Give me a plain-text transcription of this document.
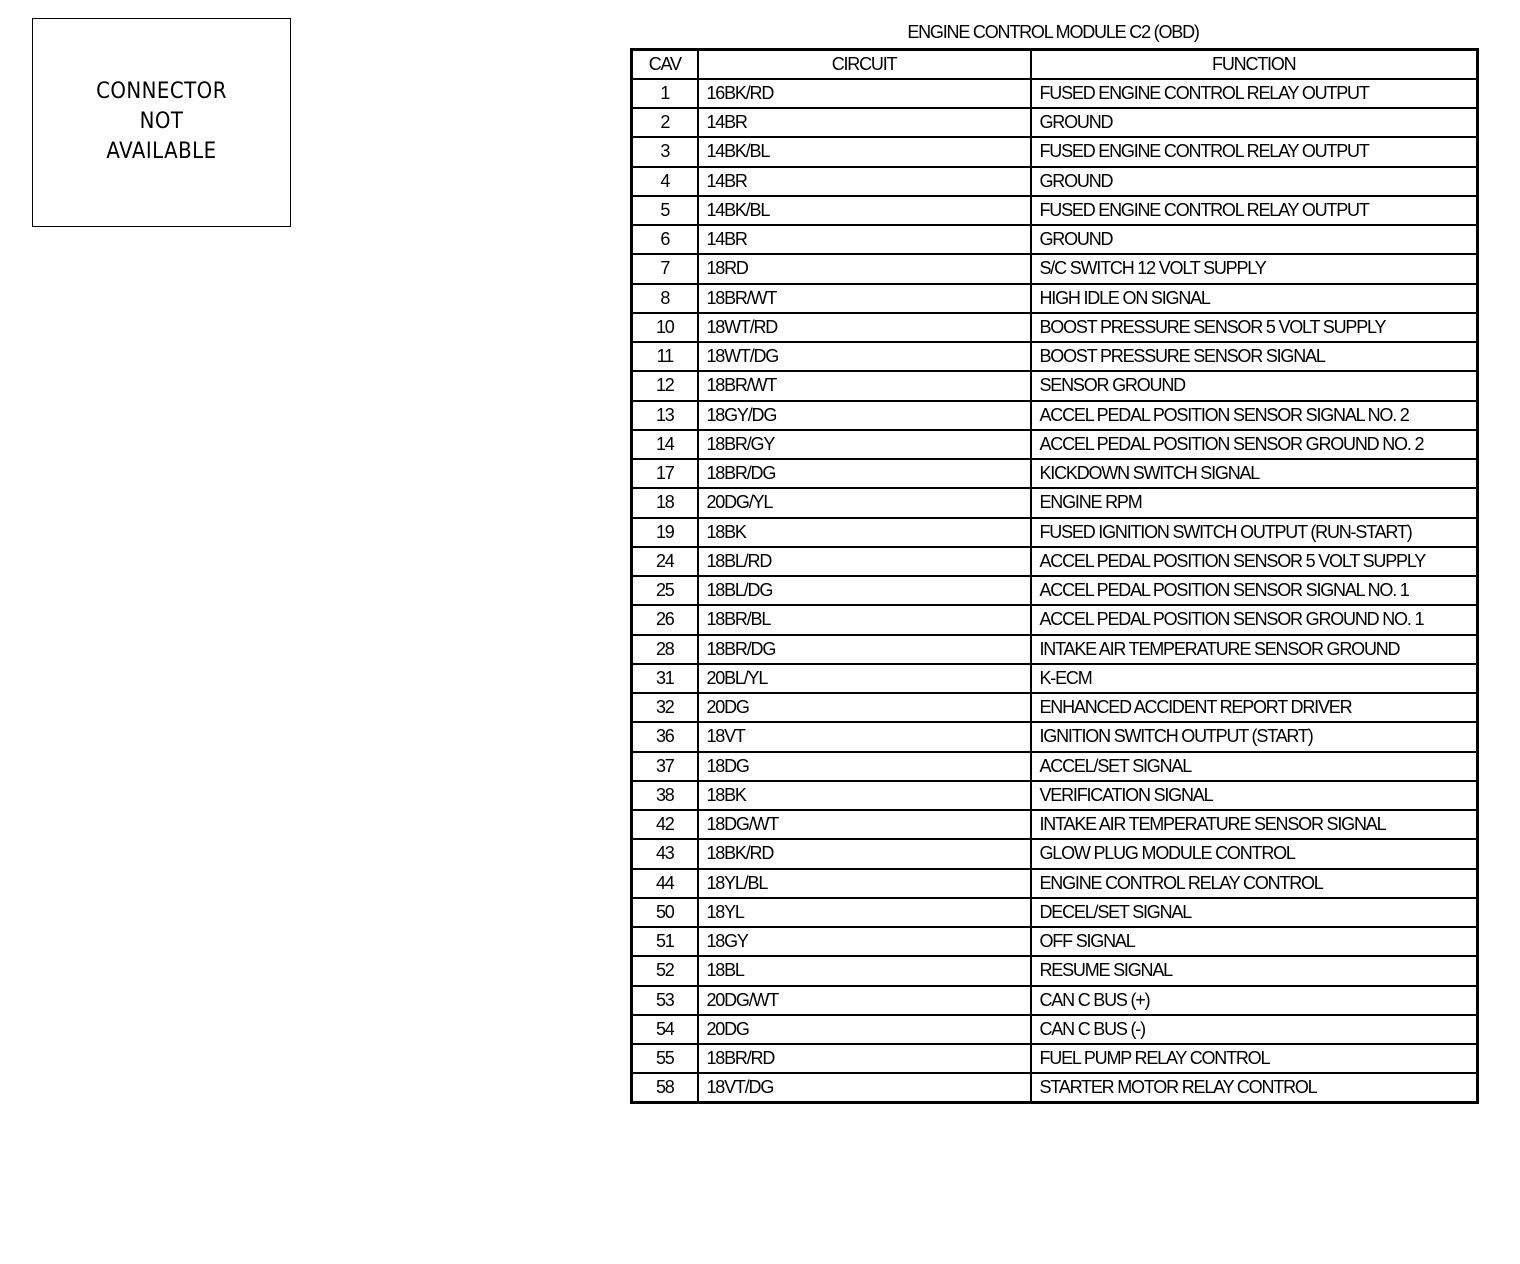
CONNECTOR
NOT
AVAILABLE
ENGINE CONTROL MODULE C2 (OBD)
CAV	CIRCUIT	FUNCTION
1	16BK/RD	FUSED ENGINE CONTROL RELAY OUTPUT
2	14BR	GROUND
3	14BK/BL	FUSED ENGINE CONTROL RELAY OUTPUT
4	14BR	GROUND
5	14BK/BL	FUSED ENGINE CONTROL RELAY OUTPUT
6	14BR	GROUND
7	18RD	S/C SWITCH 12 VOLT SUPPLY
8	18BR/WT	HIGH IDLE ON SIGNAL
10	18WT/RD	BOOST PRESSURE SENSOR 5 VOLT SUPPLY
11	18WT/DG	BOOST PRESSURE SENSOR SIGNAL
12	18BR/WT	SENSOR GROUND
13	18GY/DG	ACCEL PEDAL POSITION SENSOR SIGNAL NO. 2
14	18BR/GY	ACCEL PEDAL POSITION SENSOR GROUND NO. 2
17	18BR/DG	KICKDOWN SWITCH SIGNAL
18	20DG/YL	ENGINE RPM
19	18BK	FUSED IGNITION SWITCH OUTPUT (RUN-START)
24	18BL/RD	ACCEL PEDAL POSITION SENSOR 5 VOLT SUPPLY
25	18BL/DG	ACCEL PEDAL POSITION SENSOR SIGNAL NO. 1
26	18BR/BL	ACCEL PEDAL POSITION SENSOR GROUND NO. 1
28	18BR/DG	INTAKE AIR TEMPERATURE SENSOR GROUND
31	20BL/YL	K-ECM
32	20DG	ENHANCED ACCIDENT REPORT DRIVER
36	18VT	IGNITION SWITCH OUTPUT (START)
37	18DG	ACCEL/SET SIGNAL
38	18BK	VERIFICATION SIGNAL
42	18DG/WT	INTAKE AIR TEMPERATURE SENSOR SIGNAL
43	18BK/RD	GLOW PLUG MODULE CONTROL
44	18YL/BL	ENGINE CONTROL RELAY CONTROL
50	18YL	DECEL/SET SIGNAL
51	18GY	OFF SIGNAL
52	18BL	RESUME SIGNAL
53	20DG/WT	CAN C BUS (+)
54	20DG	CAN C BUS (-)
55	18BR/RD	FUEL PUMP RELAY CONTROL
58	18VT/DG	STARTER MOTOR RELAY CONTROL
